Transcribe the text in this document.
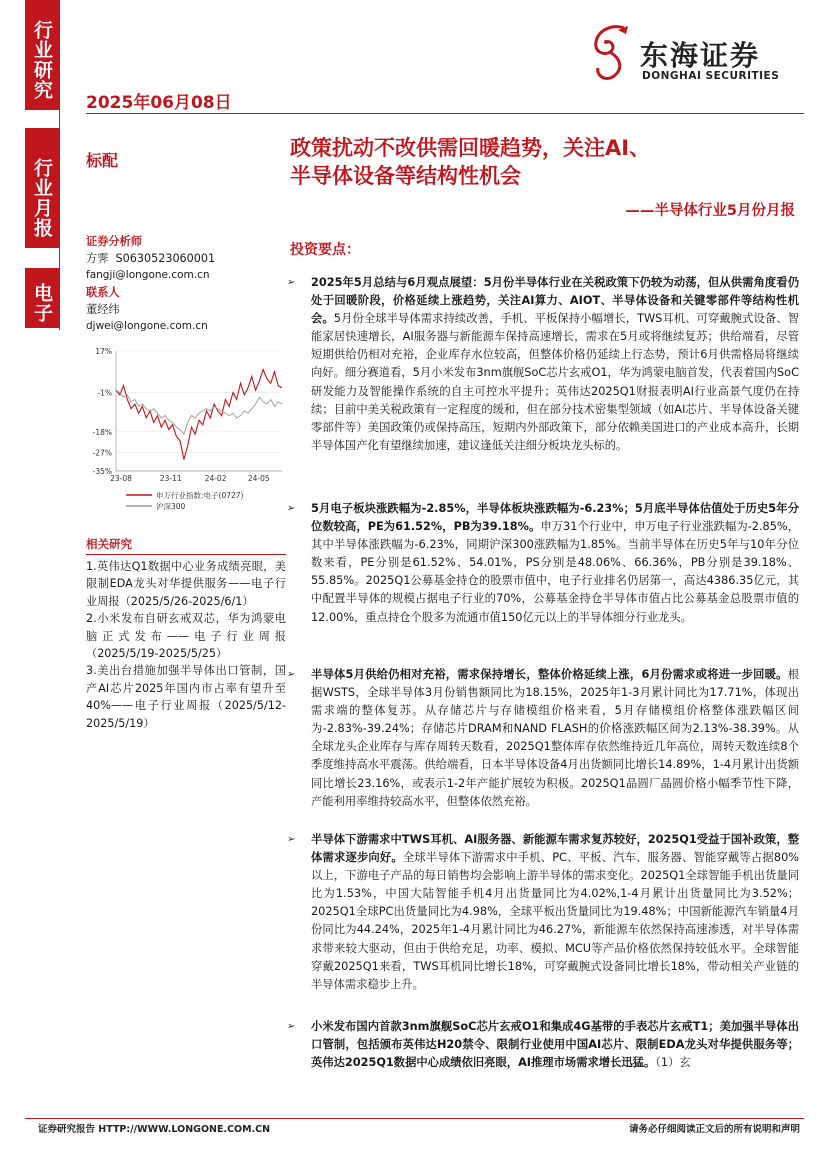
行业研究
行业月报
电子
2025年06月08日
东海证券
DONGHAI SECURITIES
标配
政策扰动不改供需回暖趋势，关注AI、
半导体设备等结构性机会
——半导体行业5月份月报
证券分析师
方霁 S0630523060001
fangji@longone.com.cn
联系人
董经纬
djwei@longone.com.cn
17%
-1%
-18%
-27%
-35%
23-08	23-11	24-02	24-05
申万行业指数:电子(0727)
沪深300
相关研究
1.英伟达Q1数据中心业务成绩亮眼，美限制EDA龙头对华提供服务——电子行业周报（2025/5/26-2025/6/1）
2.小米发布自研玄戒双芯，华为鸿蒙电脑正式发布——电子行业周报（2025/5/19-2025/5/25）
3.美出台措施加强半导体出口管制，国产AI芯片2025年国内市占率有望升至40%——电子行业周报（2025/5/12-2025/5/19）
投资要点：
➢ 2025年5月总结与6月观点展望：5月份半导体行业在关税政策下仍较为动荡，但从供需角度看仍处于回暖阶段，价格延续上涨趋势，关注AI算力、AIOT、半导体设备和关键零部件等结构性机会。5月份全球半导体需求持续改善，手机、平板保持小幅增长，TWS耳机、可穿戴腕式设备、智能家居快速增长，AI服务器与新能源车保持高速增长，需求在5月或将继续复苏；供给端看，尽管短期供给仍相对充裕，企业库存水位较高，但整体价格仍延续上行态势，预计6月供需格局将继续向好。细分赛道看，5月小米发布3nm旗舰SoC芯片玄戒O1，华为鸿蒙电脑首发，代表着国内SoC研发能力及智能操作系统的自主可控水平提升；英伟达2025Q1财报表明AI行业高景气度仍在持续；目前中美关税政策有一定程度的缓和，但在部分技术密集型领域（如AI芯片、半导体设备关键零部件等）美国政策仍或保持高压，短期内外部政策下，部分依赖美国进口的产业成本高升，长期半导体国产化有望继续加速，建议逢低关注细分板块龙头标的。
➢ 5月电子板块涨跌幅为-2.85%，半导体板块涨跌幅为-6.23%；5月底半导体估值处于历史5年分位数较高，PE为61.52%，PB为39.18%。申万31个行业中，申万电子行业涨跌幅为-2.85%，其中半导体涨跌幅为-6.23%，同期沪深300涨跌幅为1.85%。当前半导体在历史5年与10年分位数来看，PE分别是61.52%、54.01%，PS分别是48.06%、66.36%，PB分别是39.18%、55.85%。2025Q1公募基金持仓的股票市值中，电子行业排名仍居第一，高达4386.35亿元，其中配置半导体的规模占据电子行业的70%，公募基金持仓半导体市值占比公募基金总股票市值的12.00%，重点持仓个股多为流通市值150亿元以上的半导体细分行业龙头。
➢ 半导体5月供给仍相对充裕，需求保持增长，整体价格延续上涨，6月份需求或将进一步回暖。根据WSTS，全球半导体3月份销售额同比为18.15%，2025年1-3月累计同比为17.71%，体现出需求端的整体复苏。从存储芯片与存储模组价格来看，5月存储模组价格整体涨跌幅区间为-2.83%-39.24%；存储芯片DRAM和NAND FLASH的价格涨跌幅区间为2.13%-38.39%。从全球龙头企业库存与库存周转天数看，2025Q1整体库存依然维持近几年高位，周转天数连续8个季度维持高水平震荡。供给端看，日本半导体设备4月出货额同比增长14.89%，1-4月累计出货额同比增长23.16%，或表示1-2年产能扩展较为积极。2025Q1晶圆厂晶圆价格小幅季节性下降，产能利用率维持较高水平，但整体依然充裕。
➢ 半导体下游需求中TWS耳机、AI服务器、新能源车需求复苏较好，2025Q1受益于国补政策，整体需求逐步向好。全球半导体下游需求中手机、PC、平板、汽车、服务器、智能穿戴等占据80%以上，下游电子产品的每日销售均会影响上游半导体的需求变化。2025Q1全球智能手机出货量同比为1.53%，中国大陆智能手机4月出货量同比为4.02%,1-4月累计出货量同比为3.52%；2025Q1全球PC出货量同比为4.98%，全球平板出货量同比为19.48%；中国新能源汽车销量4月份同比为44.24%，2025年1-4月累计同比为46.27%，新能源车依然保持高速渗透，对半导体需求带来较大驱动，但由于供给充足，功率、模拟、MCU等产品价格依然保持较低水平。全球智能穿戴2025Q1来看，TWS耳机同比增长18%，可穿戴腕式设备同比增长18%，带动相关产业链的半导体需求稳步上升。
➢ 小米发布国内首款3nm旗舰SoC芯片玄戒O1和集成4G基带的手表芯片玄戒T1；美加强半导体出口管制，包括颁布英伟达H20禁令、限制行业使用中国AI芯片、限制EDA龙头对华提供服务等；英伟达2025Q1数据中心成绩依旧亮眼，AI推理市场需求增长迅猛。（1）玄
证券研究报告 HTTP://WWW.LONGONE.COM.CN	请务必仔细阅读正文后的所有说明和声明
